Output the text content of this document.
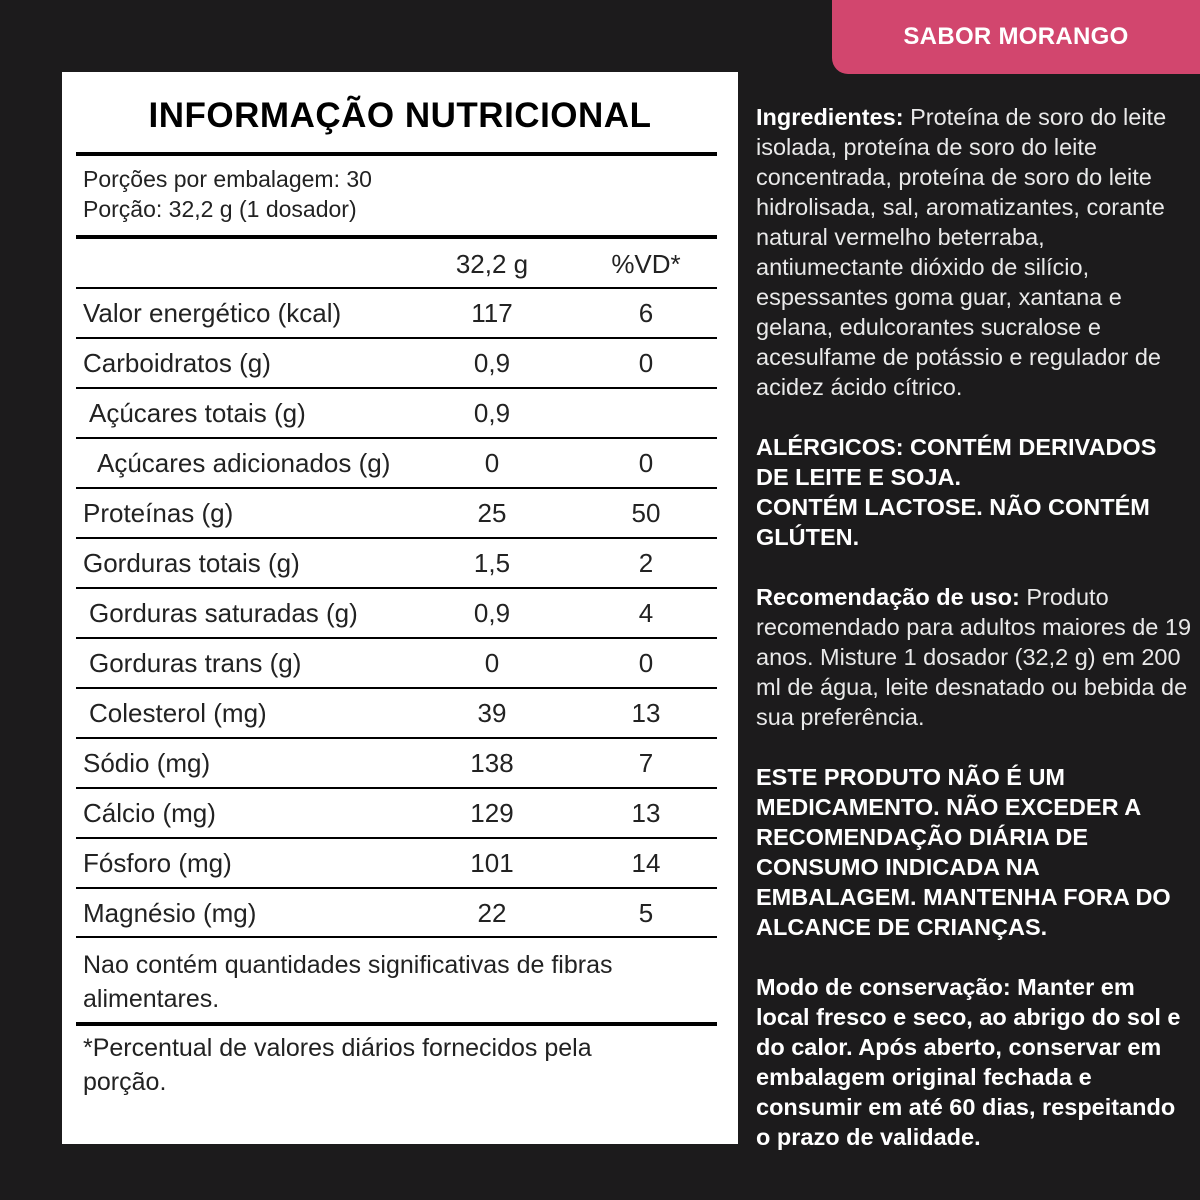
SABOR MORANGO
INFORMAÇÃO NUTRICIONAL
Porções por embalagem: 30
Porção: 32,2 g (1 dosador)
32,2 g	%VD*
Valor energético (kcal)	117	6
Carboidratos (g)	0,9	0
Açúcares totais (g)	0,9
Açúcares adicionados (g)	0	0
Proteínas (g)	25	50
Gorduras totais (g)	1,5	2
Gorduras saturadas (g)	0,9	4
Gorduras trans (g)	0	0
Colesterol (mg)	39	13
Sódio (mg)	138	7
Cálcio (mg)	129	13
Fósforo (mg)	101	14
Magnésio (mg)	22	5
Nao contém quantidades significativas de fibras
alimentares.
*Percentual de valores diários fornecidos pela
porção.

Ingredientes: Proteína de soro do leite isolada, proteína de soro do leite concentrada, proteína de soro do leite hidrolisada, sal, aromatizantes, corante natural vermelho beterraba, antiumectante dióxido de silício, espessantes goma guar, xantana e gelana, edulcorantes sucralose e acesulfame de potássio e regulador de acidez ácido cítrico.

ALÉRGICOS: CONTÉM DERIVADOS DE LEITE E SOJA.
CONTÉM LACTOSE. NÃO CONTÉM GLÚTEN.

Recomendação de uso: Produto recomendado para adultos maiores de 19 anos. Misture 1 dosador (32,2 g) em 200 ml de água, leite desnatado ou bebida de sua preferência.

ESTE PRODUTO NÃO É UM MEDICAMENTO. NÃO EXCEDER A RECOMENDAÇÃO DIÁRIA DE CONSUMO INDICADA NA EMBALAGEM. MANTENHA FORA DO ALCANCE DE CRIANÇAS.

Modo de conservação: Manter em local fresco e seco, ao abrigo do sol e do calor. Após aberto, conservar em embalagem original fechada e consumir em até 60 dias, respeitando o prazo de validade.
